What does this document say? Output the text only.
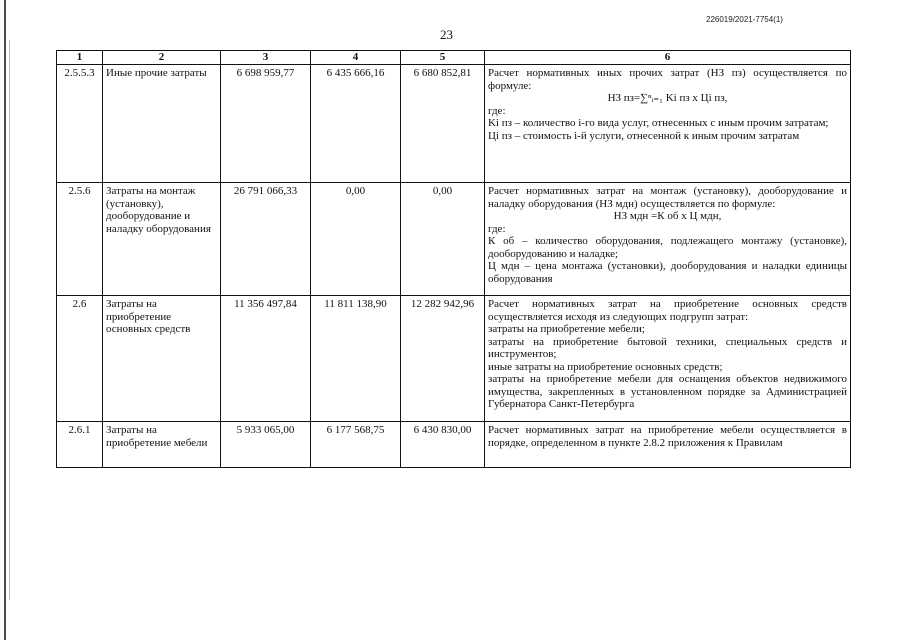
226019/2021-7754(1)
23
1	2	3	4	5	6
2.5.5.3	Иные прочие затраты	6 698 959,77	6 435 666,16	6 680 852,81	Расчет нормативных иных прочих затрат (НЗ пз) осуществляется по формуле:

НЗ пз=∑ⁿᵢ₌₁ Ki пз х Ці пз,

где:

Ki пз – количество i-го вида услуг, отнесенных с иным прочим затратам;

Ці пз – стоимость i-й услуги, отнесенной к иным прочим затратам

2.5.6	Затраты на монтаж (установку), дооборудование и наладку оборудования	26 791 066,33	0,00	0,00	Расчет нормативных затрат на монтаж (установку), дооборудование и наладку оборудования (НЗ мдн) осуществляется по формуле:

НЗ мдн =К об х Ц мдн,

где:

К об – количество оборудования, подлежащего монтажу (установке), дооборудованию и наладке;

Ц мдн – цена монтажа (установки), дооборудования и наладки единицы оборудования

2.6	Затраты на приобретение основных средств	11 356 497,84	11 811 138,90	12 282 942,96	Расчет нормативных затрат на приобретение основных средств осуществляется исходя из следующих подгрупп затрат:

затраты на приобретение мебели;

затраты на приобретение бытовой техники, специальных средств и инструментов;

иные затраты на приобретение основных средств;

затраты на приобретение мебели для оснащения объектов недвижимого имущества, закрепленных в установленном порядке за Администрацией Губернатора Санкт-Петербурга

2.6.1	Затраты на приобретение мебели	5 933 065,00	6 177 568,75	6 430 830,00	Расчет нормативных затрат на приобретение мебели осуществляется в порядке, определенном в пункте 2.8.2 приложения к Правилам
